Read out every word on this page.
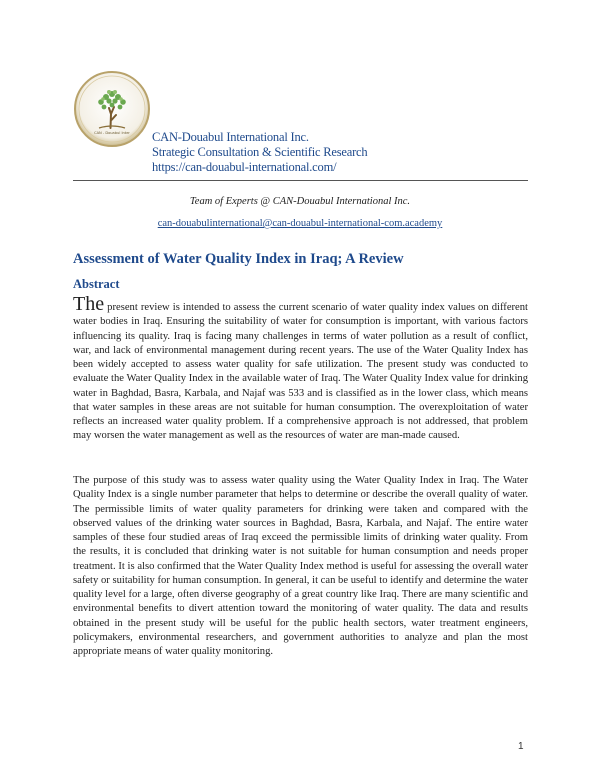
CAN - Douabul Inter CAN-Douabul International Inc.
Strategic Consultation & Scientific Research
https://can-douabul-international.com/
Team of Experts @ CAN-Douabul International Inc.
can-douabulinternational@can-douabul-international-com.academy
Assessment of Water Quality Index in Iraq; A Review
Abstract

The present review is intended to assess the current scenario of water quality index values on different water bodies in Iraq. Ensuring the suitability of water for consumption is important, with various factors influencing its quality. Iraq is facing many challenges in terms of water pollution as a result of conflict, war, and lack of environmental management during recent years. The use of the Water Quality Index has been widely accepted to assess water quality for safe utilization. The present study was conducted to evaluate the Water Quality Index in the available water of Iraq. The Water Quality Index value for drinking water in Baghdad, Basra, Karbala, and Najaf was 533 and is classified as in the lower class, which means that water samples in these areas are not suitable for human consumption. The overexploitation of water reflects an increased water quality problem. If a comprehensive approach is not addressed, that problem may worsen the water management as well as the resources of water are man-made caused.

The purpose of this study was to assess water quality using the Water Quality Index in Iraq. The Water Quality Index is a single number parameter that helps to determine or describe the overall quality of water. The permissible limits of water quality parameters for drinking were taken and compared with the observed values of the drinking water sources in Baghdad, Basra, Karbala, and Najaf. The entire water samples of these four studied areas of Iraq exceed the permissible limits of drinking water quality. From the results, it is concluded that drinking water is not suitable for human consumption and needs proper treatment. It is also confirmed that the Water Quality Index method is useful for assessing the overall water safety or suitability for human consumption. In general, it can be useful to identify and determine the water quality level for a large, often diverse geography of a great country like Iraq. There are many scientific and environmental benefits to divert attention toward the monitoring of water quality. The data and results obtained in the present study will be useful for the public health sectors, water treatment engineers, policymakers, environmental researchers, and government authorities to analyze and plan the most appropriate means of water quality monitoring.

1
